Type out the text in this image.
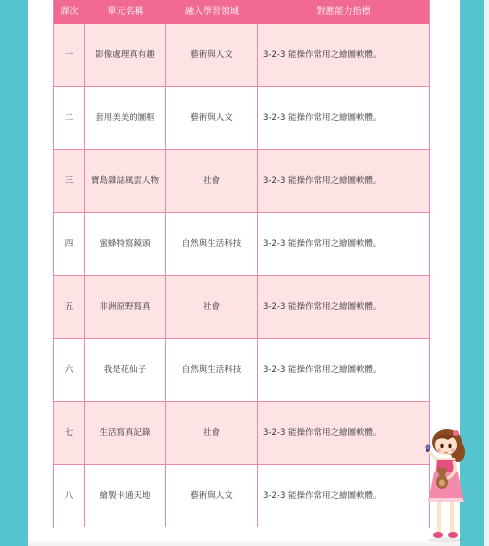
課次	單元名稱	融入學習領域	對應能力指標
一	影像處理真有趣	藝術與人文	3-2-3 能操作常用之繪圖軟體。
二	套用美美的圖框	藝術與人文	3-2-3 能操作常用之繪圖軟體。
三	寶島雜誌風雲人物	社會	3-2-3 能操作常用之繪圖軟體。
四	蜜蜂特寫鏡頭	自然與生活科技	3-2-3 能操作常用之繪圖軟體。
五	非洲原野寫真	社會	3-2-3 能操作常用之繪圖軟體。
六	我是花仙子	自然與生活科技	3-2-3 能操作常用之繪圖軟體。
七	生活寫真記錄	社會	3-2-3 能操作常用之繪圖軟體。
八	繪製卡通天地	藝術與人文	3-2-3 能操作常用之繪圖軟體。
